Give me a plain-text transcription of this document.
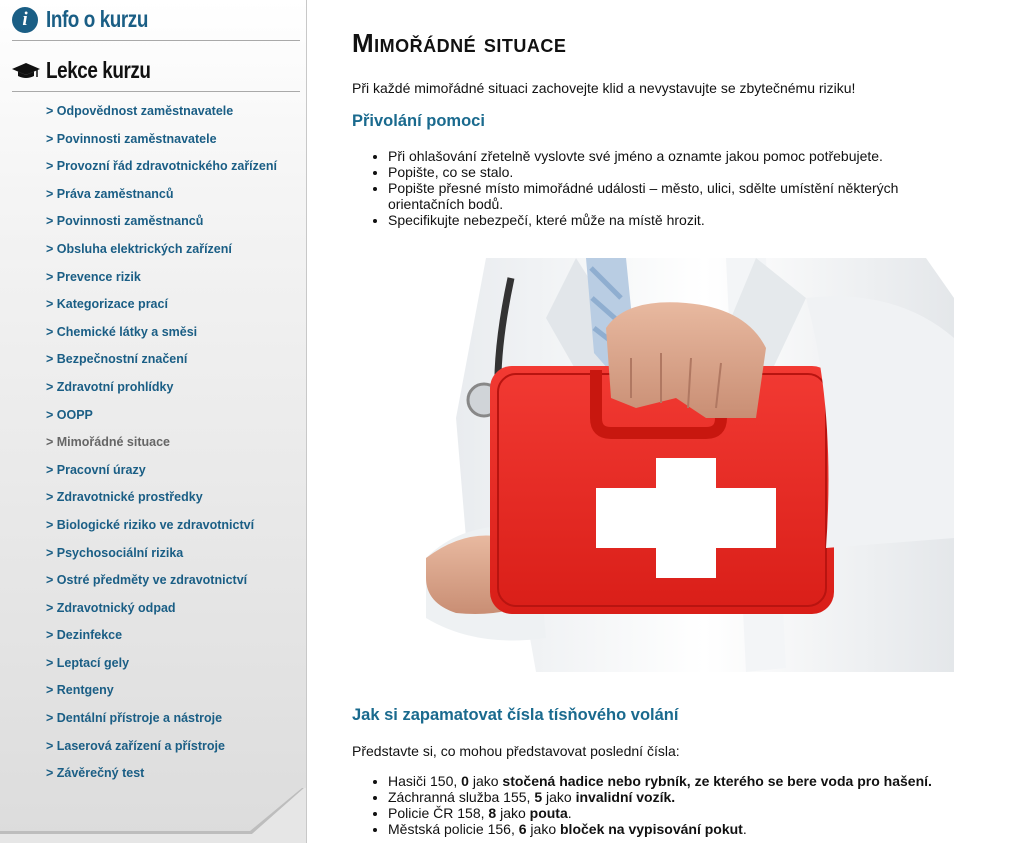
i Info o kurzu
Lekce kurzu
> Odpovědnost zaměstnavatele
> Povinnosti zaměstnavatele
> Provozní řád zdravotnického zařízení
> Práva zaměstnanců
> Povinnosti zaměstnanců
> Obsluha elektrických zařízení
> Prevence rizik
> Kategorizace prací
> Chemické látky a směsi
> Bezpečnostní značení
> Zdravotní prohlídky
> OOPP
> Mimořádné situace
> Pracovní úrazy
> Zdravotnické prostředky
> Biologické riziko ve zdravotnictví
> Psychosociální rizika
> Ostré předměty ve zdravotnictví
> Zdravotnický odpad
> Dezinfekce
> Leptací gely
> Rentgeny
> Dentální přístroje a nástroje
> Laserová zařízení a přístroje
> Závěrečný test
Mimořádné situace

Při každé mimořádné situaci zachovejte klid a nevystavujte se zbytečnému riziku!

Přivolání pomoci
• Při ohlašování zřetelně vyslovte své jméno a oznamte jakou pomoc potřebujete.
• Popište, co se stalo.
• Popište přesné místo mimořádné události – město, ulici, sdělte umístění některých orientačních bodů.
• Specifikujte nebezpečí, které může na místě hrozit.
Jak si zapamatovat čísla tísňového volání

Představte si, co mohou představovat poslední čísla:

• Hasiči 150, 0 jako stočená hadice nebo rybník, ze kterého se bere voda pro hašení.
• Záchranná služba 155, 5 jako invalidní vozík.
• Policie ČR 158, 8 jako pouta.
• Městská policie 156, 6 jako bloček na vypisování pokut.
